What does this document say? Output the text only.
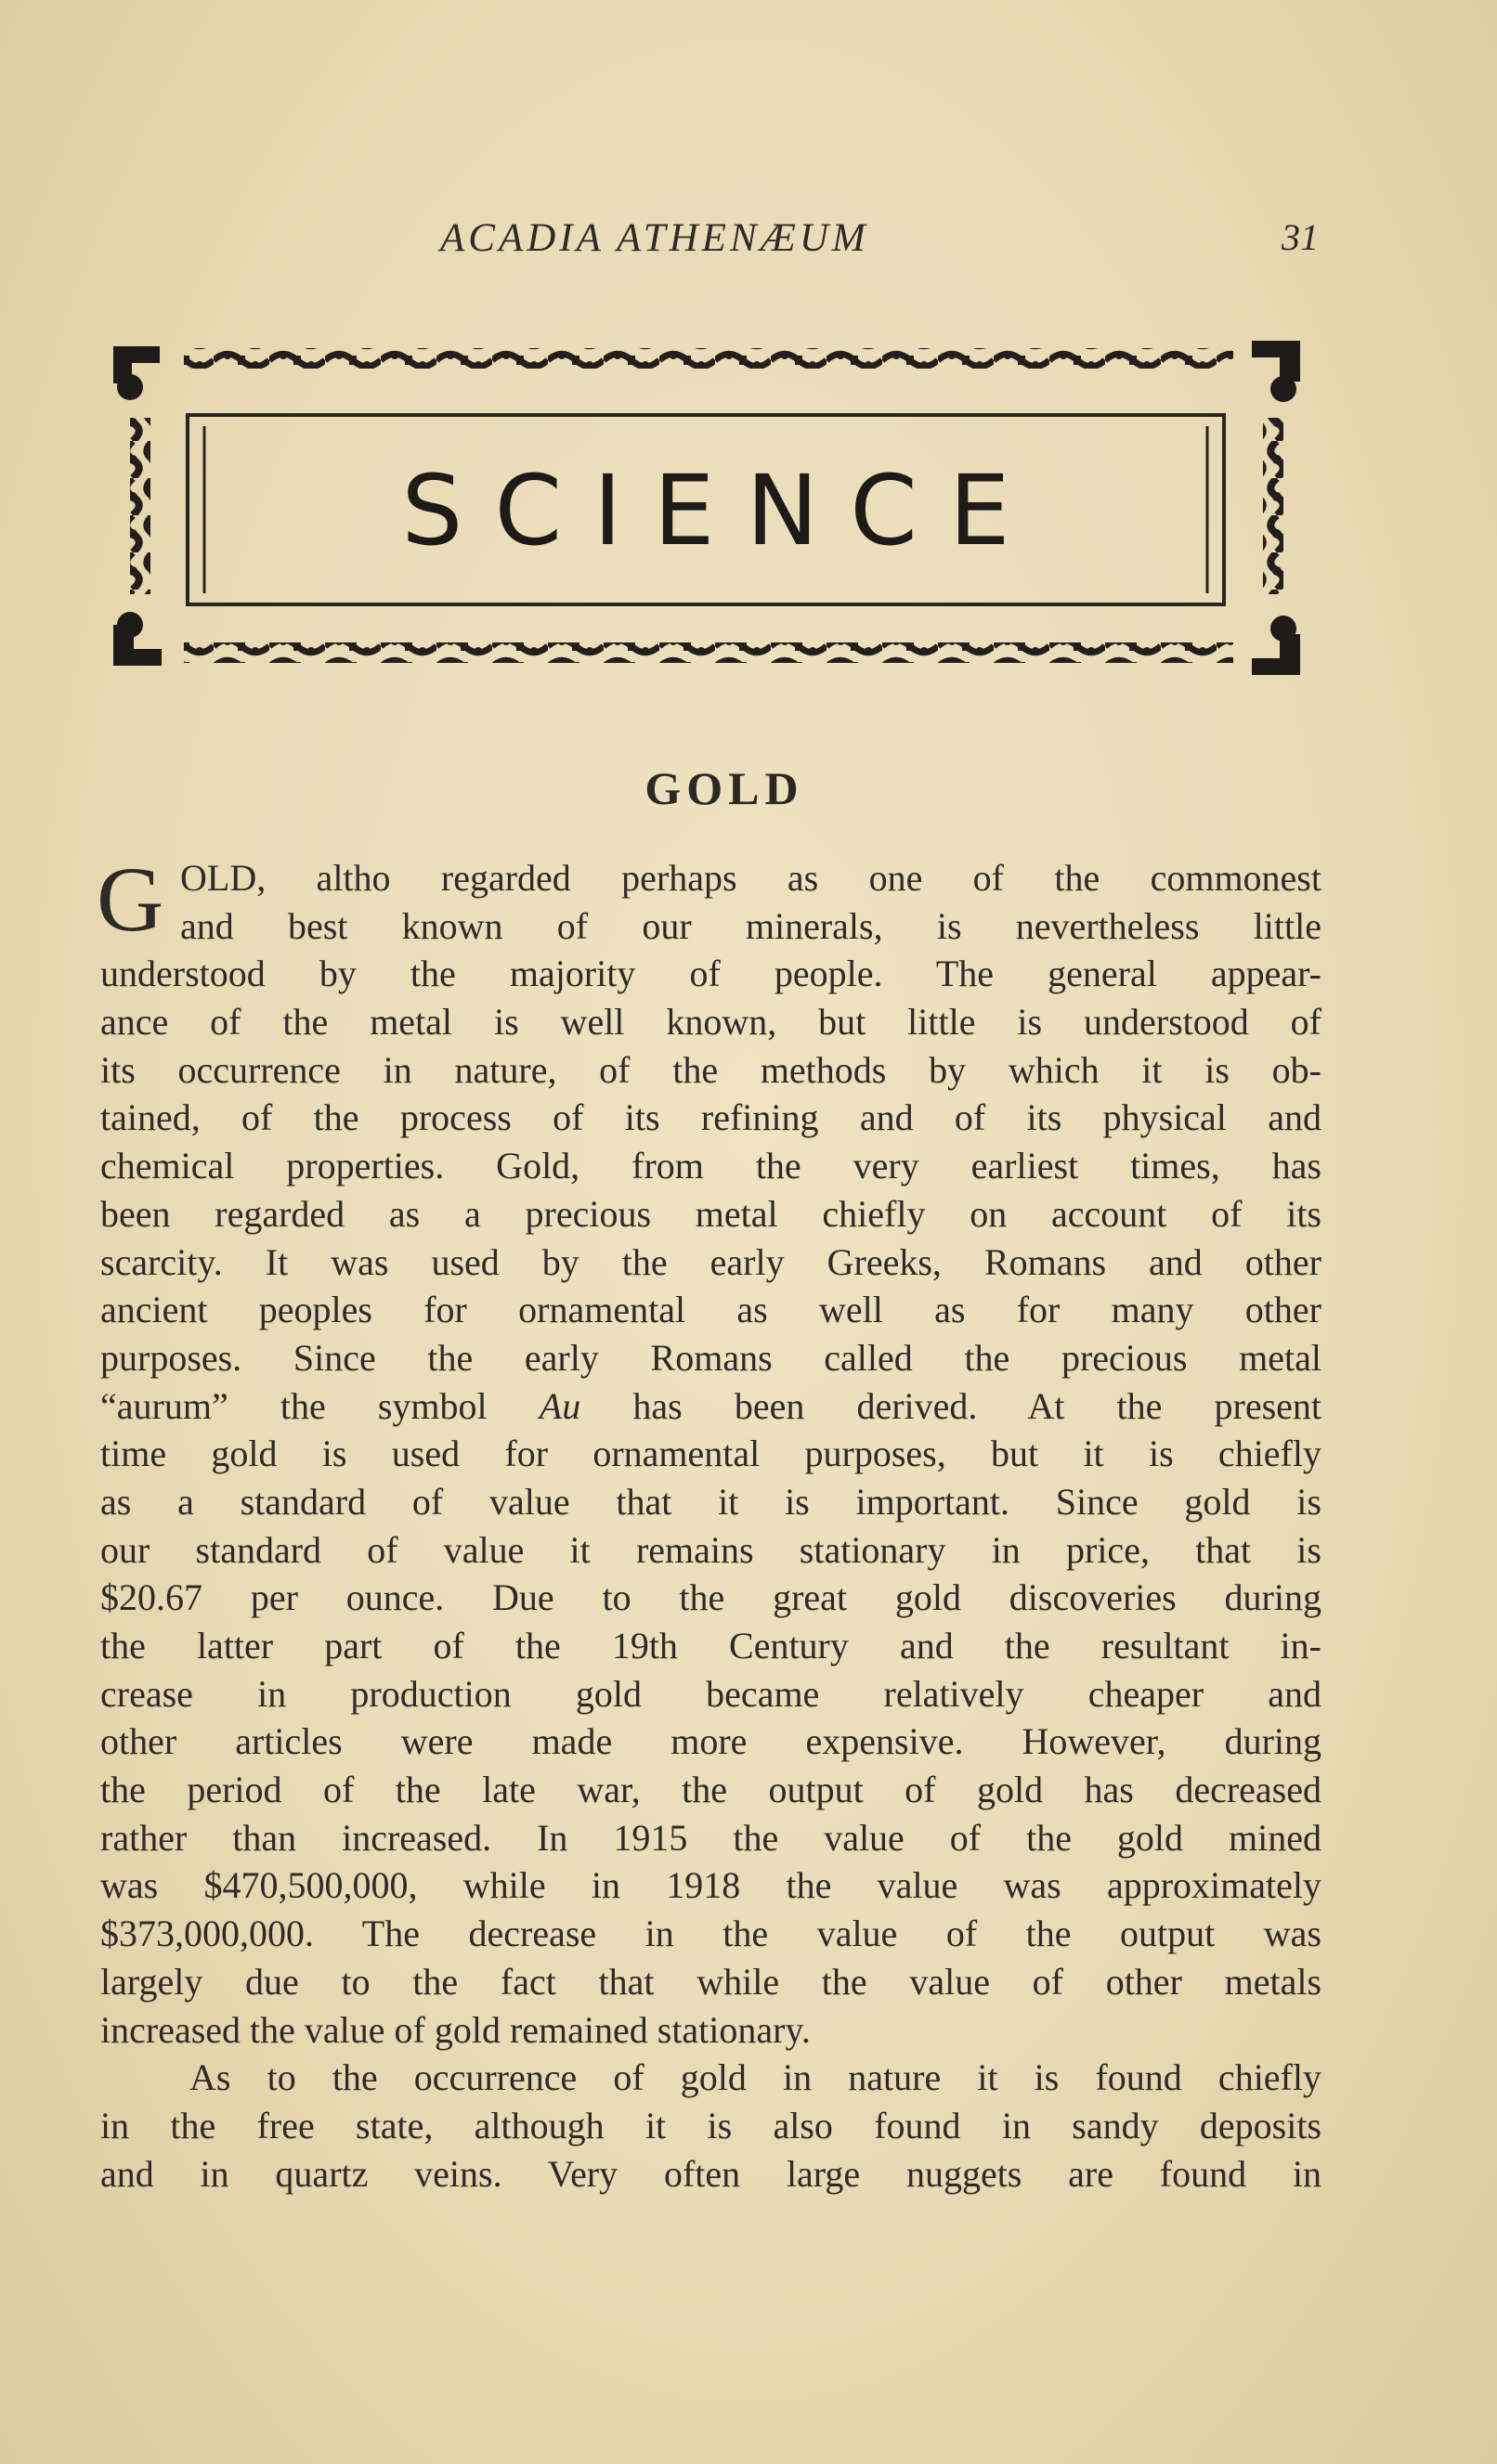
ACADIA ATHENÆUM	31
SCIENCE
GOLD
G OLD, altho regarded perhaps as one of the commonest
and best known of our minerals, is nevertheless little
understood by the majority of people. The general appear-
ance of the metal is well known, but little is understood of
its occurrence in nature, of the methods by which it is ob-
tained, of the process of its refining and of its physical and
chemical properties. Gold, from the very earliest times, has
been regarded as a precious metal chiefly on account of its
scarcity. It was used by the early Greeks, Romans and other
ancient peoples for ornamental as well as for many other
purposes. Since the early Romans called the precious metal
“aurum” the symbol Au has been derived. At the present
time gold is used for ornamental purposes, but it is chiefly
as a standard of value that it is important. Since gold is
our standard of value it remains stationary in price, that is
$20.67 per ounce. Due to the great gold discoveries during
the latter part of the 19th Century and the resultant in-
crease in production gold became relatively cheaper and
other articles were made more expensive. However, during
the period of the late war, the output of gold has decreased
rather than increased. In 1915 the value of the gold mined
was $470,500,000, while in 1918 the value was approximately
$373,000,000. The decrease in the value of the output was
largely due to the fact that while the value of other metals
increased the value of gold remained stationary.
As to the occurrence of gold in nature it is found chiefly
in the free state, although it is also found in sandy deposits
and in quartz veins. Very often large nuggets are found in
